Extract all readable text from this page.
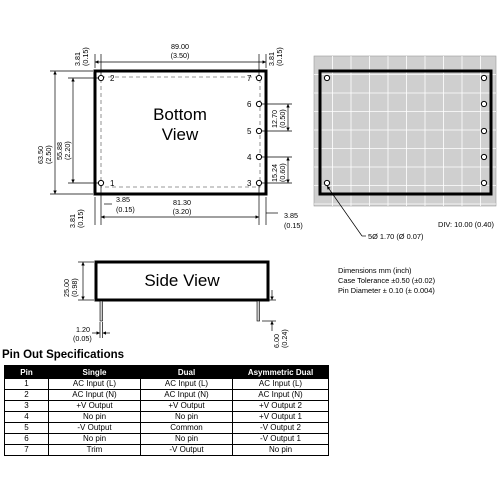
2	7
6
5
4
1	3
Bottom
View
89.00
(3.50)
3.81 (0.15)	3.81 (0.15)
63.50 (2.50) 55.88 (2.20)
12.70 (0.50)
15.24 (0.60)
3.81 (0.15)
3.85
(0.15)
81.30
(3.20)	3.85
(0.15)	DIV: 10.00 (0.40)
5Ø 1.70 (Ø 0.07)
Side View
25.00 (0.98)
1.20
(0.05)	6.00 (0.24)
Dimensions mm (inch)
Case Tolerance ±0.50 (±0.02)
Pin Diameter ± 0.10 (± 0.004)
Pin Out Specifications
Pin	Single	Dual	Asymmetric Dual
1	AC Input (L)	AC Input (L)	AC Input (L)
2	AC Input (N)	AC Input (N)	AC Input (N)
3	+V Output	+V Output	+V Output 2
4	No pin	No pin	+V Output 1
5	-V Output	Common	-V Output 2
6	No pin	No pin	-V Output 1
7	Trim	-V Output	No pin
